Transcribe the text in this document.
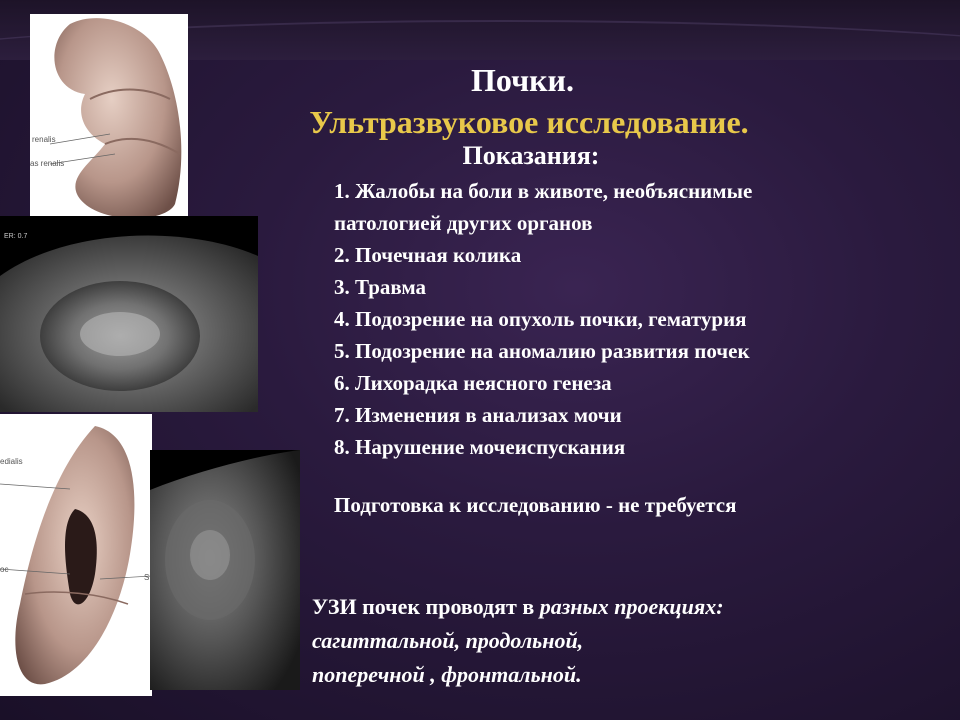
renalis
as renalis
ER: 0.7
edialis
oc
S
Почки.
Ультразвуковое исследование.
Показания:
1. Жалобы на боли в животе, необъяснимые
патологией других органов
2. Почечная колика
3. Травма
4. Подозрение на опухоль почки, гематурия
5. Подозрение на аномалию развития почек
6. Лихорадка неясного генеза
7. Изменения в анализах мочи
8. Нарушение мочеиспускания
Подготовка к исследованию - не требуется
УЗИ почек проводят в разных проекциях:
сагиттальной, продольной,
поперечной , фронтальной.
